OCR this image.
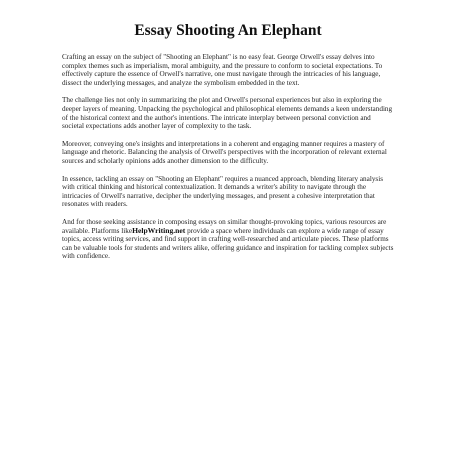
Essay Shooting An Elephant

Crafting an essay on the subject of "Shooting an Elephant" is no easy feat. George Orwell's essay delves into complex themes such as imperialism, moral ambiguity, and the pressure to conform to societal expectations. To effectively capture the essence of Orwell's narrative, one must navigate through the intricacies of his language, dissect the underlying messages, and analyze the symbolism embedded in the text.

The challenge lies not only in summarizing the plot and Orwell's personal experiences but also in exploring the deeper layers of meaning. Unpacking the psychological and philosophical elements demands a keen understanding of the historical context and the author's intentions. The intricate interplay between personal conviction and societal expectations adds another layer of complexity to the task.

Moreover, conveying one's insights and interpretations in a coherent and engaging manner requires a mastery of language and rhetoric. Balancing the analysis of Orwell's perspectives with the incorporation of relevant external sources and scholarly opinions adds another dimension to the difficulty.

In essence, tackling an essay on "Shooting an Elephant" requires a nuanced approach, blending literary analysis with critical thinking and historical contextualization. It demands a writer's ability to navigate through the intricacies of Orwell's narrative, decipher the underlying messages, and present a cohesive interpretation that resonates with readers.

And for those seeking assistance in composing essays on similar thought-provoking topics, various resources are available. Platforms likeHelpWriting.net provide a space where individuals can explore a wide range of essay topics, access writing services, and find support in crafting well-researched and articulate pieces. These platforms can be valuable tools for students and writers alike, offering guidance and inspiration for tackling complex subjects with confidence.
